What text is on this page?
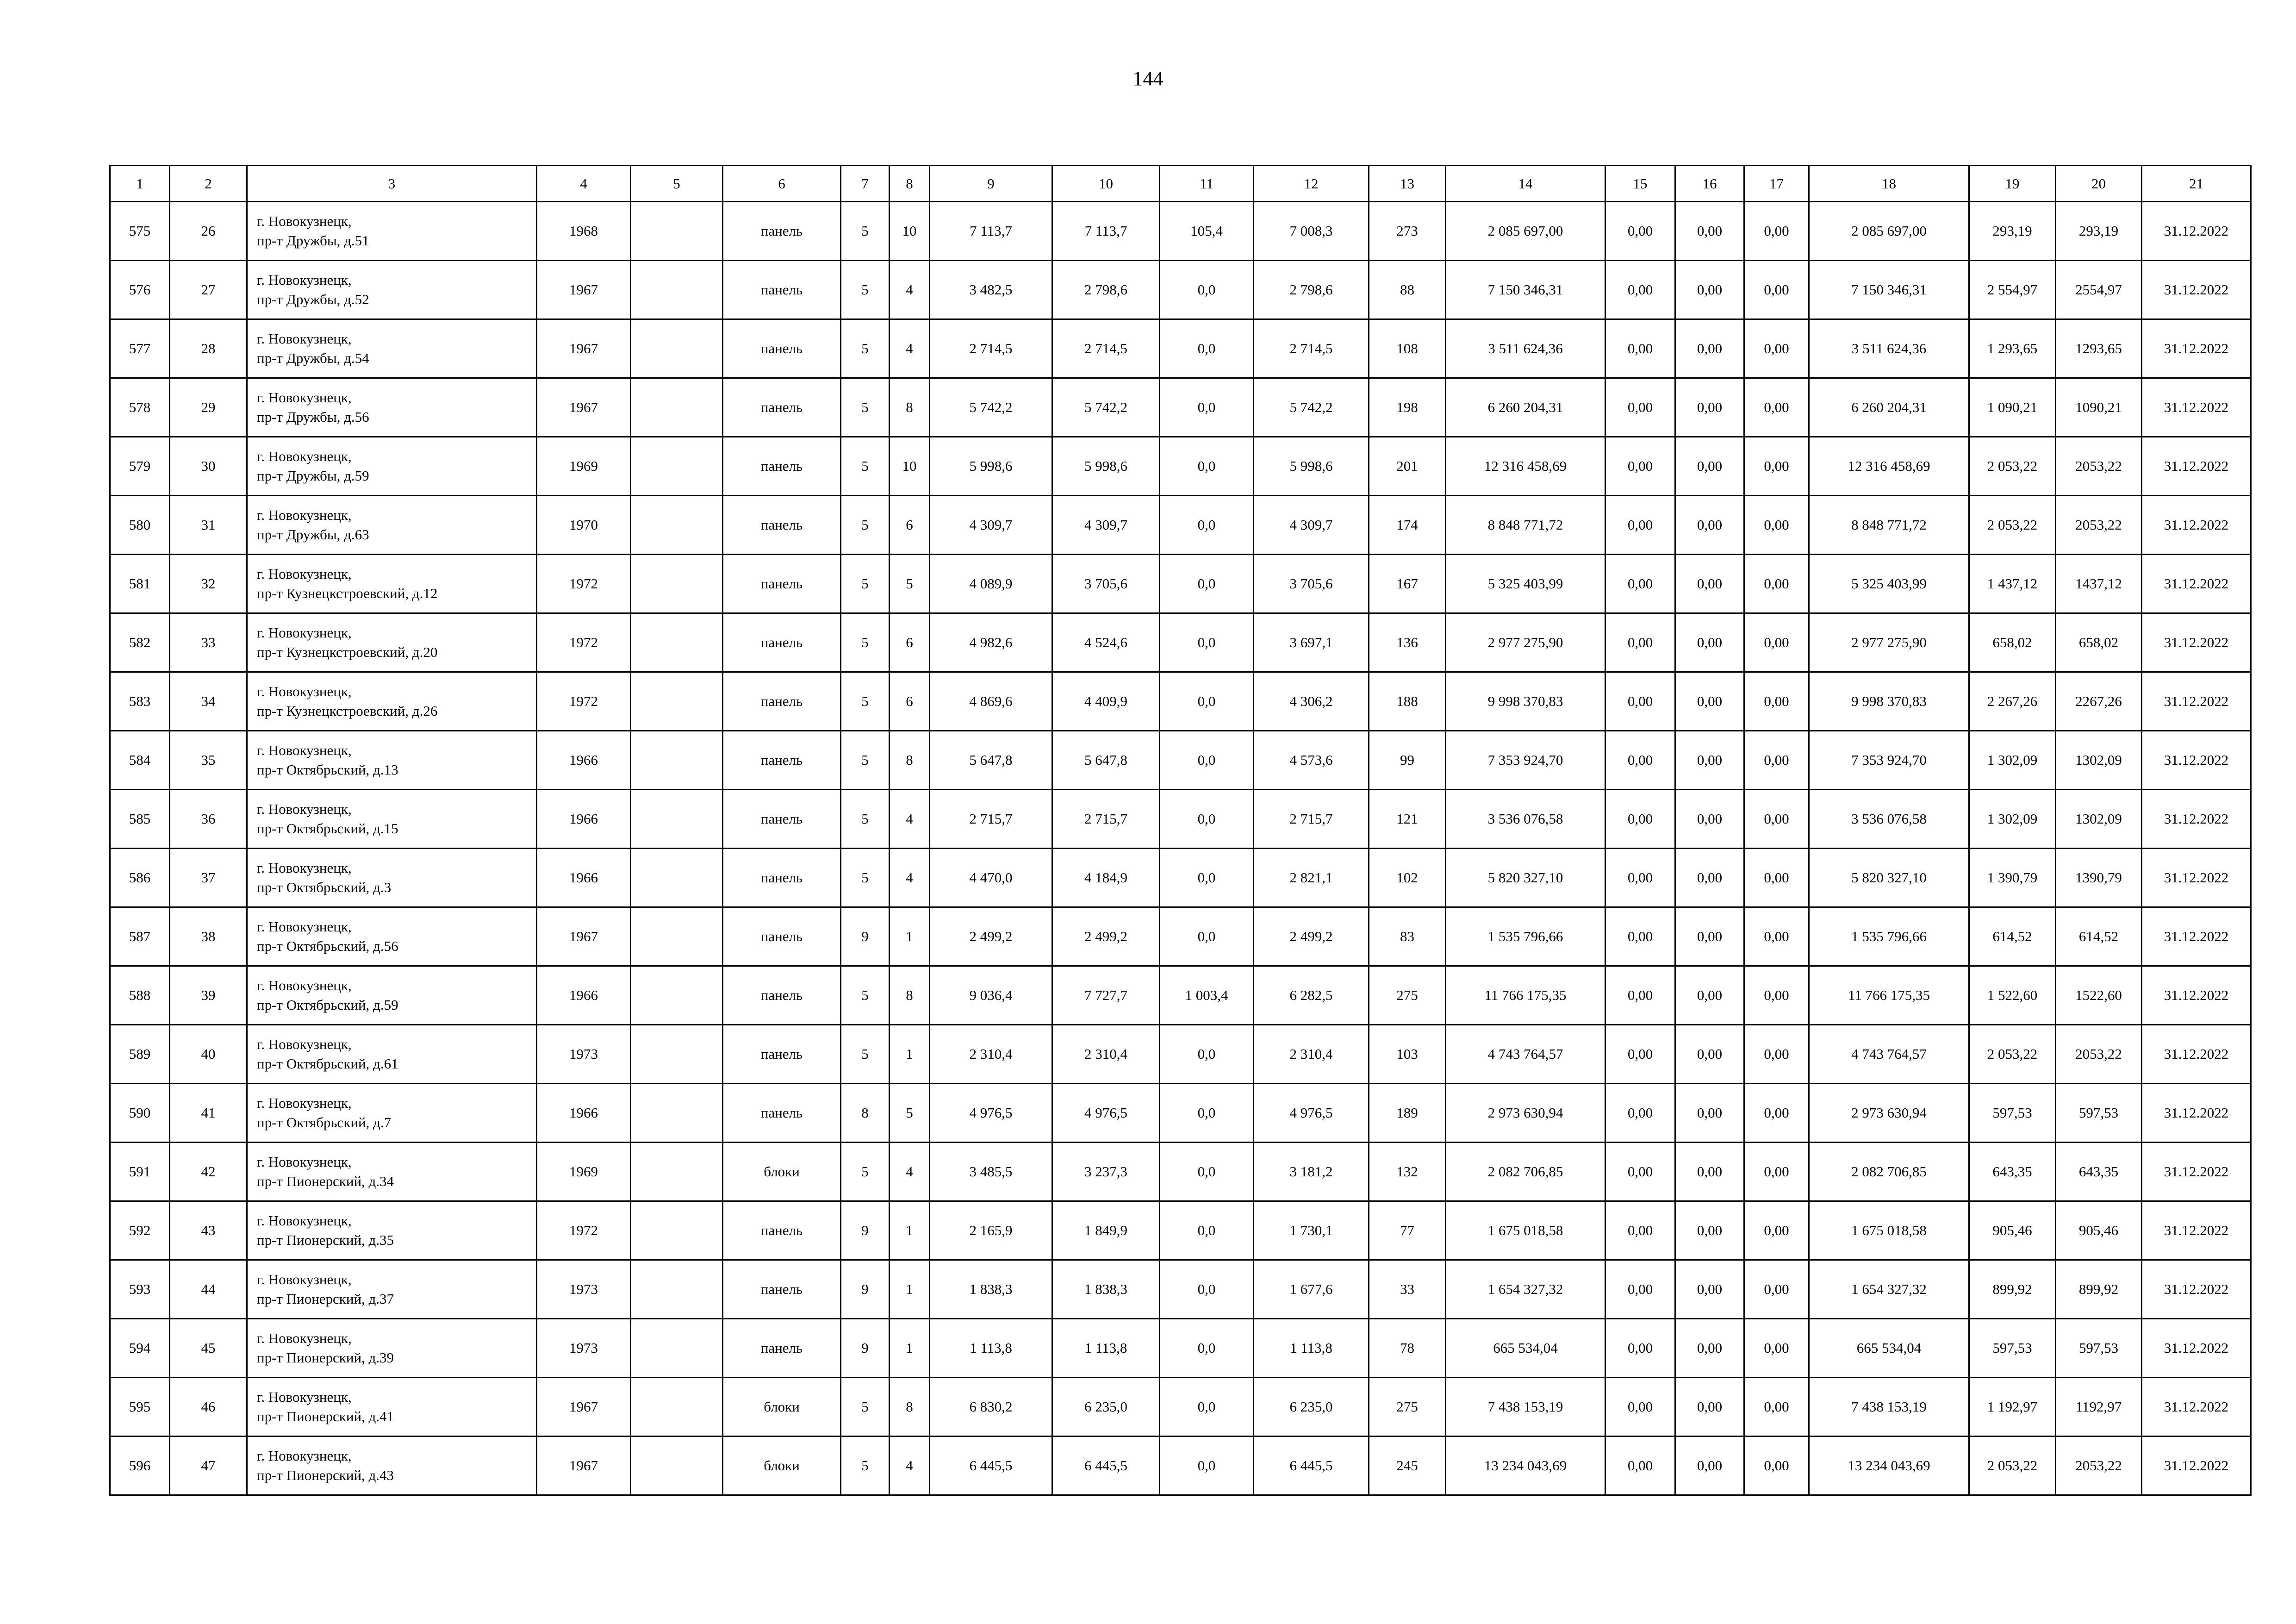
144
1	2	3	4	5	6	7	8	9	10	11	12	13	14	15	16	17	18	19	20	21
575	26	г. Новокузнецк,
пр-т Дружбы, д.51	1968		панель	5	10	7 113,7	7 113,7	105,4	7 008,3	273	2 085 697,00	0,00	0,00	0,00	2 085 697,00	293,19	293,19	31.12.2022
576	27	г. Новокузнецк,
пр-т Дружбы, д.52	1967		панель	5	4	3 482,5	2 798,6	0,0	2 798,6	88	7 150 346,31	0,00	0,00	0,00	7 150 346,31	2 554,97	2554,97	31.12.2022
577	28	г. Новокузнецк,
пр-т Дружбы, д.54	1967		панель	5	4	2 714,5	2 714,5	0,0	2 714,5	108	3 511 624,36	0,00	0,00	0,00	3 511 624,36	1 293,65	1293,65	31.12.2022
578	29	г. Новокузнецк,
пр-т Дружбы, д.56	1967		панель	5	8	5 742,2	5 742,2	0,0	5 742,2	198	6 260 204,31	0,00	0,00	0,00	6 260 204,31	1 090,21	1090,21	31.12.2022
579	30	г. Новокузнецк,
пр-т Дружбы, д.59	1969		панель	5	10	5 998,6	5 998,6	0,0	5 998,6	201	12 316 458,69	0,00	0,00	0,00	12 316 458,69	2 053,22	2053,22	31.12.2022
580	31	г. Новокузнецк,
пр-т Дружбы, д.63	1970		панель	5	6	4 309,7	4 309,7	0,0	4 309,7	174	8 848 771,72	0,00	0,00	0,00	8 848 771,72	2 053,22	2053,22	31.12.2022
581	32	г. Новокузнецк,
пр-т Кузнецкстроевский, д.12	1972		панель	5	5	4 089,9	3 705,6	0,0	3 705,6	167	5 325 403,99	0,00	0,00	0,00	5 325 403,99	1 437,12	1437,12	31.12.2022
582	33	г. Новокузнецк,
пр-т Кузнецкстроевский, д.20	1972		панель	5	6	4 982,6	4 524,6	0,0	3 697,1	136	2 977 275,90	0,00	0,00	0,00	2 977 275,90	658,02	658,02	31.12.2022
583	34	г. Новокузнецк,
пр-т Кузнецкстроевский, д.26	1972		панель	5	6	4 869,6	4 409,9	0,0	4 306,2	188	9 998 370,83	0,00	0,00	0,00	9 998 370,83	2 267,26	2267,26	31.12.2022
584	35	г. Новокузнецк,
пр-т Октябрьский, д.13	1966		панель	5	8	5 647,8	5 647,8	0,0	4 573,6	99	7 353 924,70	0,00	0,00	0,00	7 353 924,70	1 302,09	1302,09	31.12.2022
585	36	г. Новокузнецк,
пр-т Октябрьский, д.15	1966		панель	5	4	2 715,7	2 715,7	0,0	2 715,7	121	3 536 076,58	0,00	0,00	0,00	3 536 076,58	1 302,09	1302,09	31.12.2022
586	37	г. Новокузнецк,
пр-т Октябрьский, д.3	1966		панель	5	4	4 470,0	4 184,9	0,0	2 821,1	102	5 820 327,10	0,00	0,00	0,00	5 820 327,10	1 390,79	1390,79	31.12.2022
587	38	г. Новокузнецк,
пр-т Октябрьский, д.56	1967		панель	9	1	2 499,2	2 499,2	0,0	2 499,2	83	1 535 796,66	0,00	0,00	0,00	1 535 796,66	614,52	614,52	31.12.2022
588	39	г. Новокузнецк,
пр-т Октябрьский, д.59	1966		панель	5	8	9 036,4	7 727,7	1 003,4	6 282,5	275	11 766 175,35	0,00	0,00	0,00	11 766 175,35	1 522,60	1522,60	31.12.2022
589	40	г. Новокузнецк,
пр-т Октябрьский, д.61	1973		панель	5	1	2 310,4	2 310,4	0,0	2 310,4	103	4 743 764,57	0,00	0,00	0,00	4 743 764,57	2 053,22	2053,22	31.12.2022
590	41	г. Новокузнецк,
пр-т Октябрьский, д.7	1966		панель	8	5	4 976,5	4 976,5	0,0	4 976,5	189	2 973 630,94	0,00	0,00	0,00	2 973 630,94	597,53	597,53	31.12.2022
591	42	г. Новокузнецк,
пр-т Пионерский, д.34	1969		блоки	5	4	3 485,5	3 237,3	0,0	3 181,2	132	2 082 706,85	0,00	0,00	0,00	2 082 706,85	643,35	643,35	31.12.2022
592	43	г. Новокузнецк,
пр-т Пионерский, д.35	1972		панель	9	1	2 165,9	1 849,9	0,0	1 730,1	77	1 675 018,58	0,00	0,00	0,00	1 675 018,58	905,46	905,46	31.12.2022
593	44	г. Новокузнецк,
пр-т Пионерский, д.37	1973		панель	9	1	1 838,3	1 838,3	0,0	1 677,6	33	1 654 327,32	0,00	0,00	0,00	1 654 327,32	899,92	899,92	31.12.2022
594	45	г. Новокузнецк,
пр-т Пионерский, д.39	1973		панель	9	1	1 113,8	1 113,8	0,0	1 113,8	78	665 534,04	0,00	0,00	0,00	665 534,04	597,53	597,53	31.12.2022
595	46	г. Новокузнецк,
пр-т Пионерский, д.41	1967		блоки	5	8	6 830,2	6 235,0	0,0	6 235,0	275	7 438 153,19	0,00	0,00	0,00	7 438 153,19	1 192,97	1192,97	31.12.2022
596	47	г. Новокузнецк,
пр-т Пионерский, д.43	1967		блоки	5	4	6 445,5	6 445,5	0,0	6 445,5	245	13 234 043,69	0,00	0,00	0,00	13 234 043,69	2 053,22	2053,22	31.12.2022
